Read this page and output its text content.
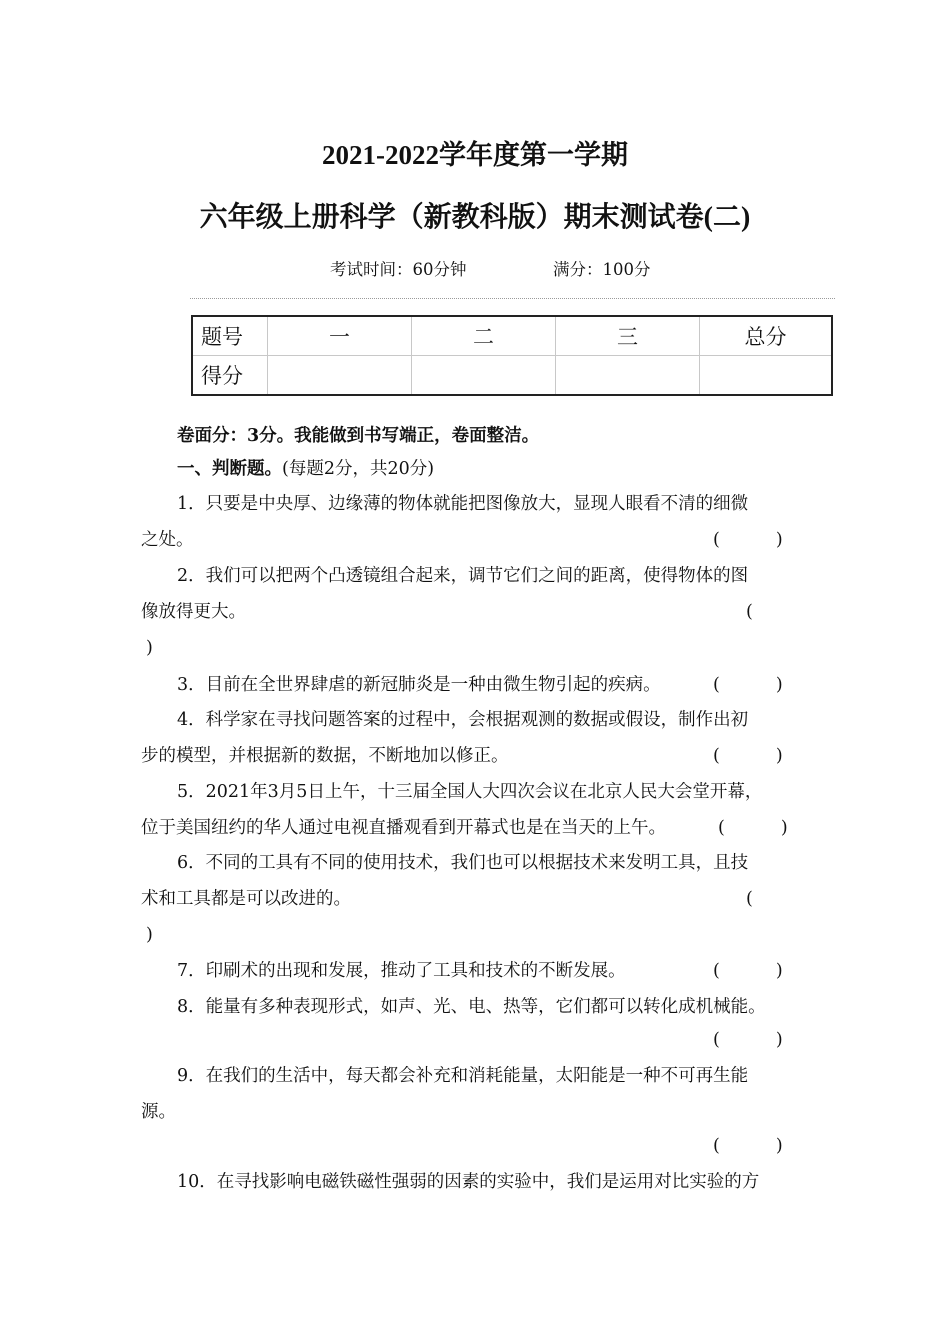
2021-2022学年度第一学期
六年级上册科学（新教科版）期末测试卷(二)
考试时间：60分钟	满分：100分
题号	一	二	三	总分
得分				
卷面分：3分。我能做到书写端正，卷面整洁。
一、判断题。(每题2分，共20分)
1．只要是中央厚、边缘薄的物体就能把图像放大，显现人眼看不清的细微
之处。	(	)
2．我们可以把两个凸透镜组合起来，调节它们之间的距离，使得物体的图
像放得更大。	(
)
3．目前在全世界肆虐的新冠肺炎是一种由微生物引起的疾病。	(	)
4．科学家在寻找问题答案的过程中，会根据观测的数据或假设，制作出初
步的模型，并根据新的数据，不断地加以修正。	(	)
5．2021年3月5日上午，十三届全国人大四次会议在北京人民大会堂开幕，
位于美国纽约的华人通过电视直播观看到开幕式也是在当天的上午。	(	)
6．不同的工具有不同的使用技术，我们也可以根据技术来发明工具，且技
术和工具都是可以改进的。	(
)
7．印刷术的出现和发展，推动了工具和技术的不断发展。	(	)
8．能量有多种表现形式，如声、光、电、热等，它们都可以转化成机械能。
(	)
9．在我们的生活中，每天都会补充和消耗能量，太阳能是一种不可再生能
源。
(	)
10．在寻找影响电磁铁磁性强弱的因素的实验中，我们是运用对比实验的方
